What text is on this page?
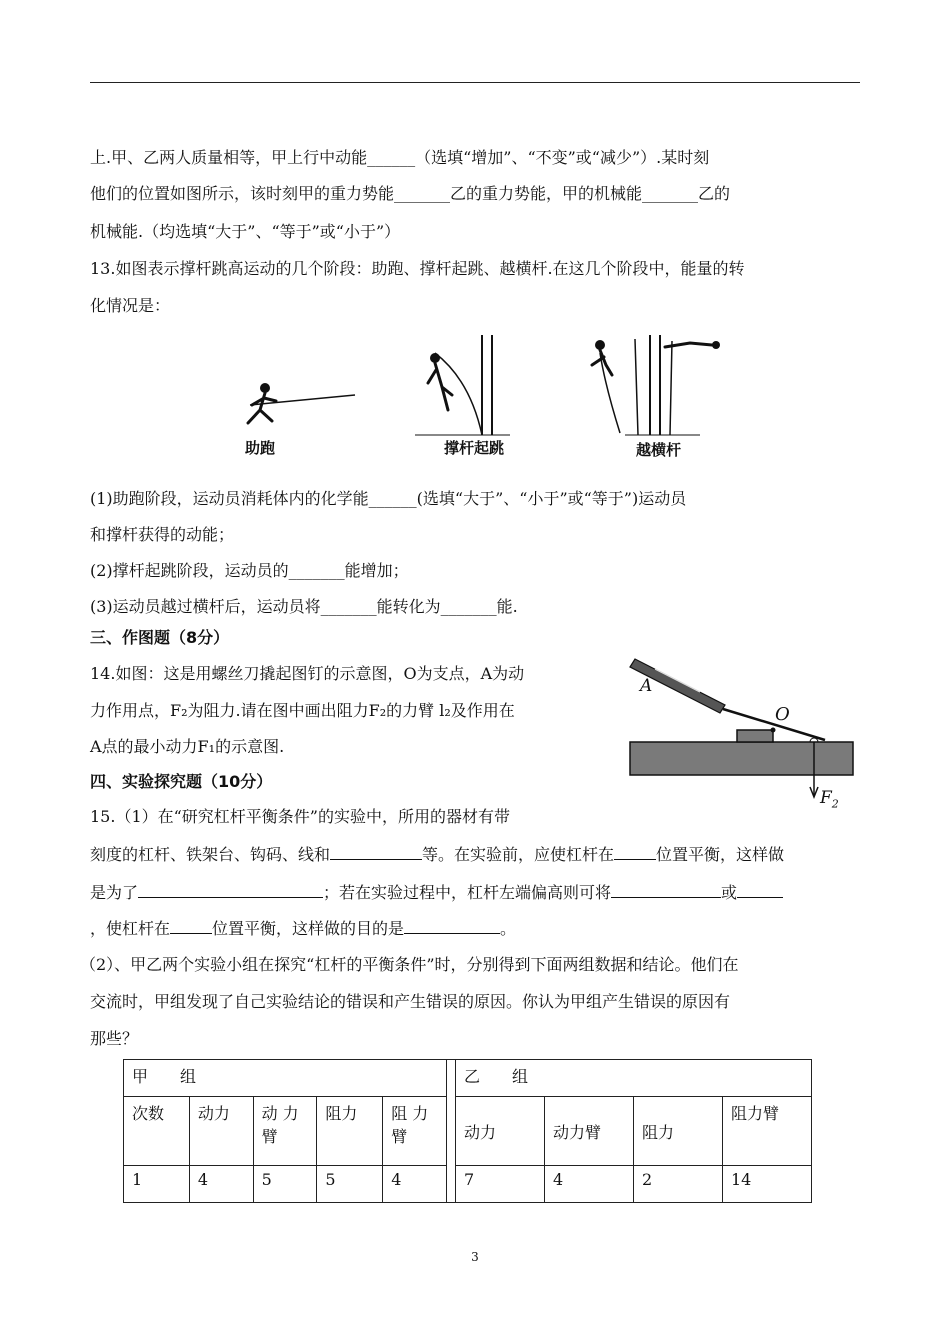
上.甲、乙两人质量相等，甲上行中动能______（选填“增加”、“不变”或“减少”）.某时刻
他们的位置如图所示，该时刻甲的重力势能_______乙的重力势能，甲的机械能_______乙的
机械能.（均选填“大于”、“等于”或“小于”）
13.如图表示撑杆跳高运动的几个阶段：助跑、撑杆起跳、越横杆.在这几个阶段中，能量的转
化情况是：
助跑	撑杆起跳	越横杆
(1)助跑阶段，运动员消耗体内的化学能______(选填“大于”、“小于”或“等于”)运动员
和撑杆获得的动能；
(2)撑杆起跳阶段，运动员的_______能增加；
(3)运动员越过横杆后，运动员将_______能转化为_______能.
三、作图题（8分）
14.如图：这是用螺丝刀撬起图钉的示意图，O为支点，A为动
力作用点，F₂为阻力.请在图中画出阻力F₂的力臂 l₂及作用在
A点的最小动力F₁的示意图.
A
O
$F_2$
四、实验探究题（10分）
15.（1）在“研究杠杆平衡条件”的实验中，所用的器材有带
刻度的杠杆、铁架台、钩码、线和	等。在实验前，应使杠杆在	位置平衡，这样做
是为了	；若在实验过程中，杠杆左端偏高则可将	或
，使杠杆在	位置平衡，这样做的目的是	。
（2）、甲乙两个实验小组在探究“杠杆的平衡条件”时，分别得到下面两组数据和结论。他们在
交流时，甲组发现了自己实验结论的错误和产生错误的原因。你认为甲组产生错误的原因有
那些？
甲　　组						乙　　组			
次数	动力	动 力臂	阻力	阻 力臂		动力	动力臂	阻力	阻力臂
1	4	5	5	4		7	4	2	14
3
